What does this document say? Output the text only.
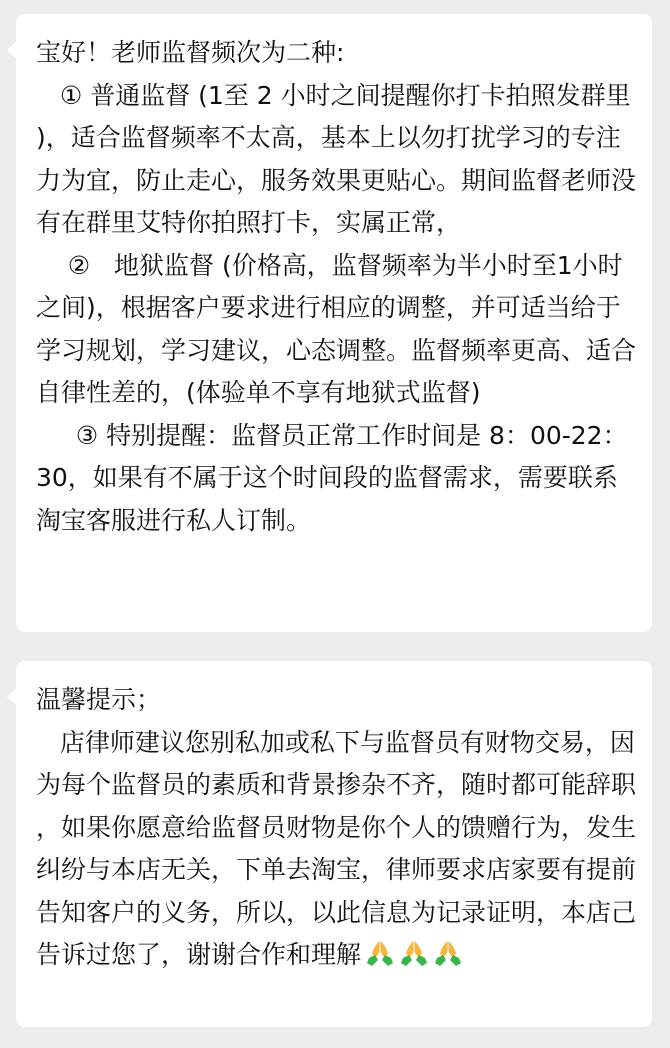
宝好！老师监督频次为二种:

① 普通监督 (1至 2 小时之间提醒你打卡拍照发群里)，适合监督频率不太高，基本上以勿打扰学习的专注力为宜，防止走心，服务效果更贴心。期间监督老师没有在群里艾特你拍照打卡，实属正常，

②   地狱监督 (价格高，监督频率为半小时至1小时之间)，根据客户要求进行相应的调整，并可适当给于学习规划，学习建议，心态调整。监督频率更高、适合自律性差的，(体验单不享有地狱式监督)

③ 特别提醒：监督员正常工作时间是 8：00-22：30，如果有不属于这个时间段的监督需求，需要联系淘宝客服进行私人订制。

温馨提示；

店律师建议您别私加或私下与监督员有财物交易，因为每个监督员的素质和背景掺杂不齐，随时都可能辞职，如果你愿意给监督员财物是你个人的馈赠行为，发生纠纷与本店无关，下单去淘宝，律师要求店家要有提前告知客户的义务，所以，以此信息为记录证明，本店己告诉过您了，谢谢合作和理解
